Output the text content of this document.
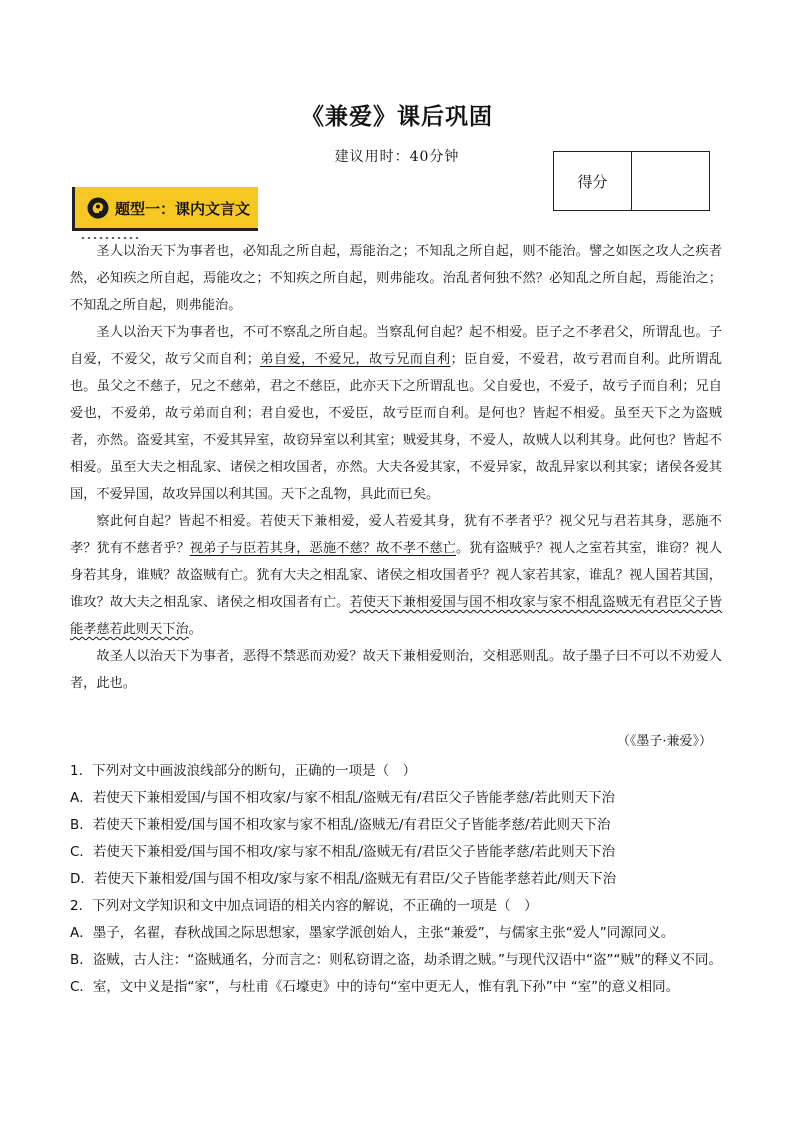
《兼爱》课后巩固
建议用时：40分钟
得分	
题型一：课内文言文

圣人以治天下为事者也，必知乱之所自起，焉能治之；不知乱之所自起，则不能治。譬之如医之攻人之疾者然，必知疾之所自起，焉能攻之；不知疾之所自起，则弗能攻。治乱者何独不然？必知乱之所自起，焉能治之；不知乱之所自起，则弗能治。

圣人以治天下为事者也，不可不察乱之所自起。当察乱何自起？起不相爱。臣子之不孝君父，所谓乱也。子自爱，不爱父，故亏父而自利；弟自爱，不爱兄，故亏兄而自利；臣自爱，不爱君，故亏君而自利。此所谓乱也。虽父之不慈子，兄之不慈弟，君之不慈臣，此亦天下之所谓乱也。父自爱也，不爱子，故亏子而自利；兄自爱也，不爱弟，故亏弟而自利；君自爱也，不爱臣，故亏臣而自利。是何也？皆起不相爱。虽至天下之为盗贼者，亦然。盗爱其室，不爱其异室，故窃异室以利其室；贼爱其身，不爱人，故贼人以利其身。此何也？皆起不相爱。虽至大夫之相乱家、诸侯之相攻国者，亦然。大夫各爱其家，不爱异家，故乱异家以利其家；诸侯各爱其国，不爱异国，故攻异国以利其国。天下之乱物，具此而已矣。

察此何自起？皆起不相爱。若使天下兼相爱，爱人若爱其身，犹有不孝者乎？视父兄与君若其身，恶施不孝？犹有不慈者乎？视弟子与臣若其身，恶施不慈？故不孝不慈亡。犹有盗贼乎？视人之室若其室，谁窃？视人身若其身，谁贼？故盗贼有亡。犹有大夫之相乱家、诸侯之相攻国者乎？视人家若其家，谁乱？视人国若其国，谁攻？故大夫之相乱家、诸侯之相攻国者有亡。若使天下兼相爱国与国不相攻家与家不相乱盗贼无有君臣父子皆能孝慈若此则天下治。

故圣人以治天下为事者，恶得不禁恶而劝爱？故天下兼相爱则治，交相恶则乱。故子墨子曰不可以不劝爱人者，此也。

（《墨子·兼爱》）

1．下列对文中画波浪线部分的断句，正确的一项是（　）

A．若使天下兼相爱国/与国不相攻家/与家不相乱/盗贼无有/君臣父子皆能孝慈/若此则天下治

B．若使天下兼相爱/国与国不相攻家与家不相乱/盗贼无/有君臣父子皆能孝慈/若此则天下治

C．若使天下兼相爱/国与国不相攻/家与家不相乱/盗贼无有/君臣父子皆能孝慈/若此则天下治

D．若使天下兼相爱/国与国不相攻/家与家不相乱/盗贼无有君臣/父子皆能孝慈若此/则天下治

2．下列对文学知识和文中加点词语的相关内容的解说，不正确的一项是（　）

A．墨子，名翟，春秋战国之际思想家，墨家学派创始人，主张“兼爱”，与儒家主张“爱人”同源同义。

B．盗贼，古人注：“盗贼通名，分而言之：则私窃谓之盗，劫杀谓之贼。”与现代汉语中“盗”“贼”的释义不同。

C．室，文中义是指“家”，与杜甫《石壕吏》中的诗句“室中更无人，惟有乳下孙”中 “室”的意义相同。
